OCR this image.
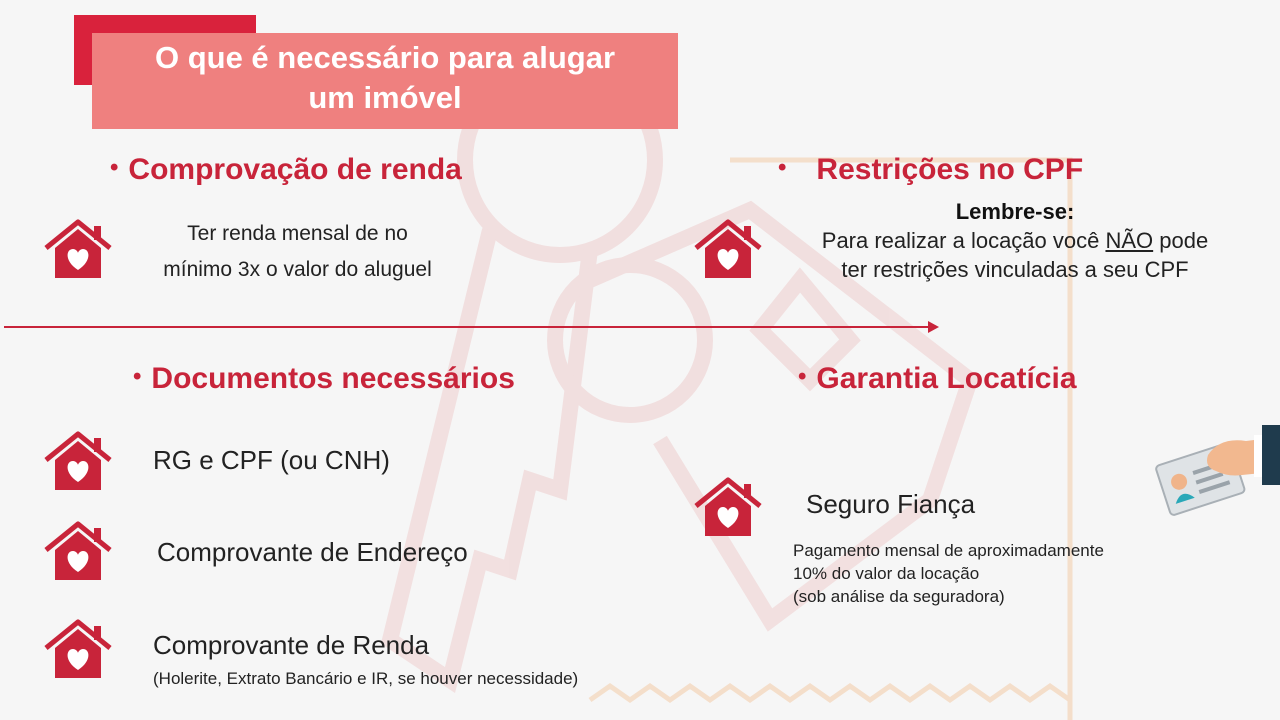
O que é necessário para alugar
um imóvel
• Comprovação de renda
Ter renda mensal de no
mínimo 3x o valor do aluguel
• Restrições no CPF
Lembre-se:
Para realizar a locação você NÃO pode
ter restrições vinculadas a seu CPF
• Documentos necessários
RG e CPF (ou CNH)
Comprovante de Endereço
Comprovante de Renda
(Holerite, Extrato Bancário e IR, se houver necessidade)
• Garantia Locatícia
Seguro Fiança
Pagamento mensal de aproximadamente
10% do valor da locação
(sob análise da seguradora)
